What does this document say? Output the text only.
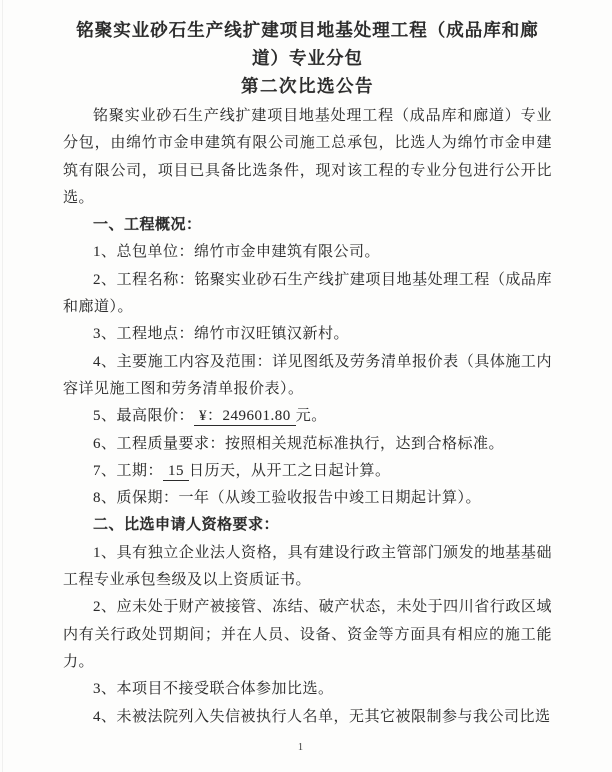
铭聚实业砂石生产线扩建项目地基处理工程（成品库和廊
道）专业分包
第二次比选公告

铭聚实业砂石生产线扩建项目地基处理工程（成品库和廊道）专业分包，由绵竹市金申建筑有限公司施工总承包，比选人为绵竹市金申建筑有限公司，项目已具备比选条件，现对该工程的专业分包进行公开比选。

一、工程概况：

1、总包单位：绵竹市金申建筑有限公司。

2、工程名称：铭聚实业砂石生产线扩建项目地基处理工程（成品库和廊道）。

3、工程地点：绵竹市汉旺镇汉新村。

4、主要施工内容及范围：详见图纸及劳务清单报价表（具体施工内容详见施工图和劳务清单报价表）。

5、最高限价： ¥：249601.80 元。

6、工程质量要求：按照相关规范标准执行，达到合格标准。

7、工期： 15 日历天，从开工之日起计算。

8、质保期：一年（从竣工验收报告中竣工日期起计算）。

二、比选申请人资格要求：

1、具有独立企业法人资格，具有建设行政主管部门颁发的地基基础工程专业承包叁级及以上资质证书。

2、应未处于财产被接管、冻结、破产状态，未处于四川省行政区域内有关行政处罚期间；并在人员、设备、资金等方面具有相应的施工能力。

3、本项目不接受联合体参加比选。

4、未被法院列入失信被执行人名单，无其它被限制参与我公司比选

1
